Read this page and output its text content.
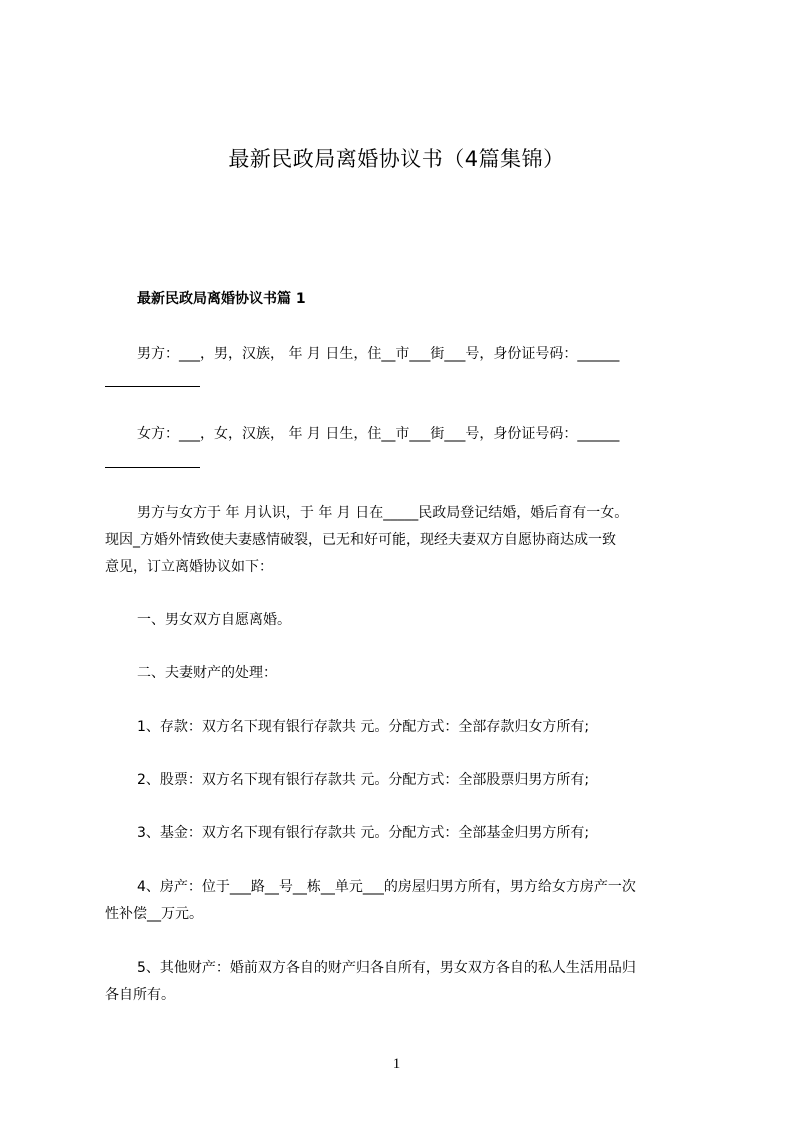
最新民政局离婚协议书（4篇集锦）
最新民政局离婚协议书篇 1
男方：___，男，汉族， 年 月 日生，住__市___街___号，身份证号码：______
女方：___，女，汉族， 年 月 日生，住__市___街___号，身份证号码：______
男方与女方于 年 月认识，于 年 月 日在_____民政局登记结婚，婚后育有一女。
现因_方婚外情致使夫妻感情破裂，已无和好可能，现经夫妻双方自愿协商达成一致
意见，订立离婚协议如下：
一、男女双方自愿离婚。
二、夫妻财产的处理：
1、存款：双方名下现有银行存款共 元。分配方式：全部存款归女方所有;
2、股票：双方名下现有银行存款共 元。分配方式：全部股票归男方所有;
3、基金：双方名下现有银行存款共 元。分配方式：全部基金归男方所有;
4、房产：位于___路__号__栋__单元___的房屋归男方所有，男方给女方房产一次
性补偿__万元。
5、其他财产：婚前双方各自的财产归各自所有，男女双方各自的私人生活用品归
各自所有。
1
